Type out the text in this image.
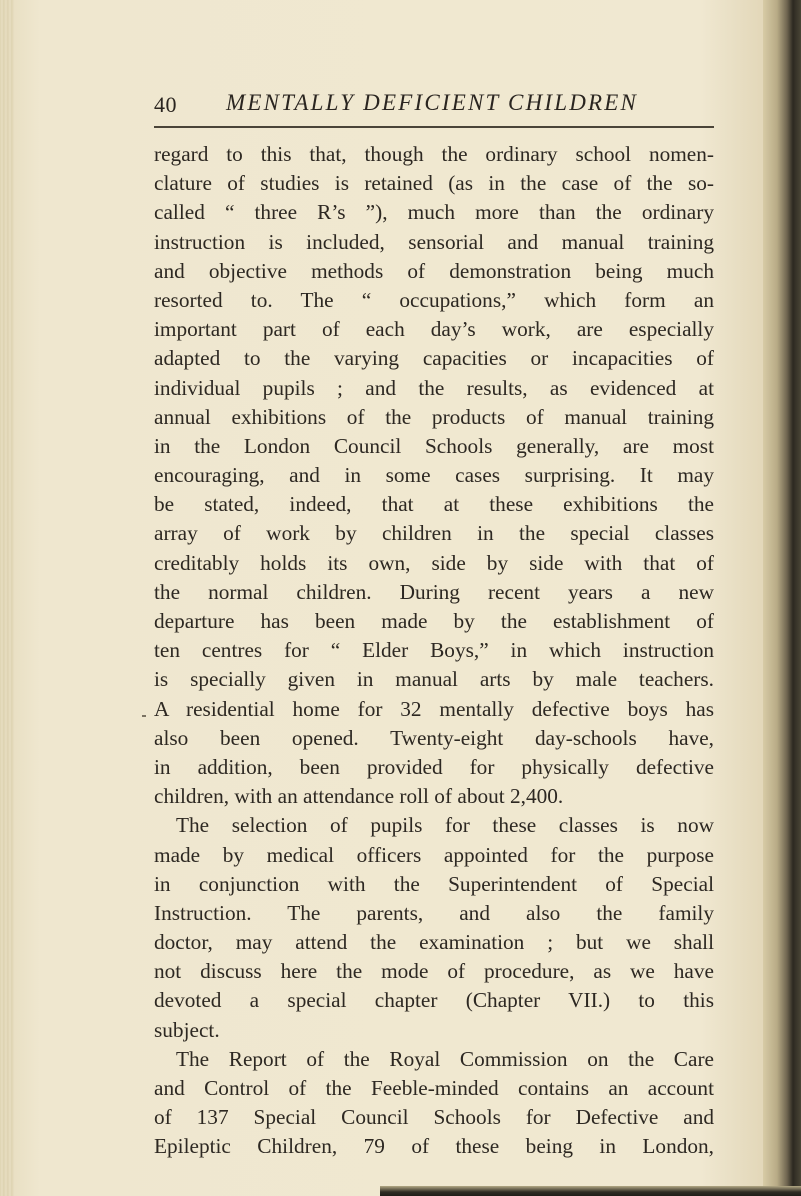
40 MENTALLY DEFICIENT CHILDREN
regard to this that, though the ordinary school nomen-
clature of studies is retained (as in the case of the so-
called “ three R’s ”), much more than the ordinary
instruction is included, sensorial and manual training
and objective methods of demonstration being much
resorted to. The “ occupations,” which form an
important part of each day’s work, are especially
adapted to the varying capacities or incapacities of
individual pupils ; and the results, as evidenced at
annual exhibitions of the products of manual training
in the London Council Schools generally, are most
encouraging, and in some cases surprising. It may
be stated, indeed, that at these exhibitions the
array of work by children in the special classes
creditably holds its own, side by side with that of
the normal children. During recent years a new
departure has been made by the establishment of
ten centres for “ Elder Boys,” in which instruction
is specially given in manual arts by male teachers.
A residential home for 32 mentally defective boys has
also been opened. Twenty-eight day-schools have,
in addition, been provided for physically defective
children, with an attendance roll of about 2,400.
The selection of pupils for these classes is now
made by medical officers appointed for the purpose
in conjunction with the Superintendent of Special
Instruction. The parents, and also the family
doctor, may attend the examination ; but we shall
not discuss here the mode of procedure, as we have
devoted a special chapter (Chapter VII.) to this
subject.
The Report of the Royal Commission on the Care
and Control of the Feeble-minded contains an account
of 137 Special Council Schools for Defective and
Epileptic Children, 79 of these being in London,
